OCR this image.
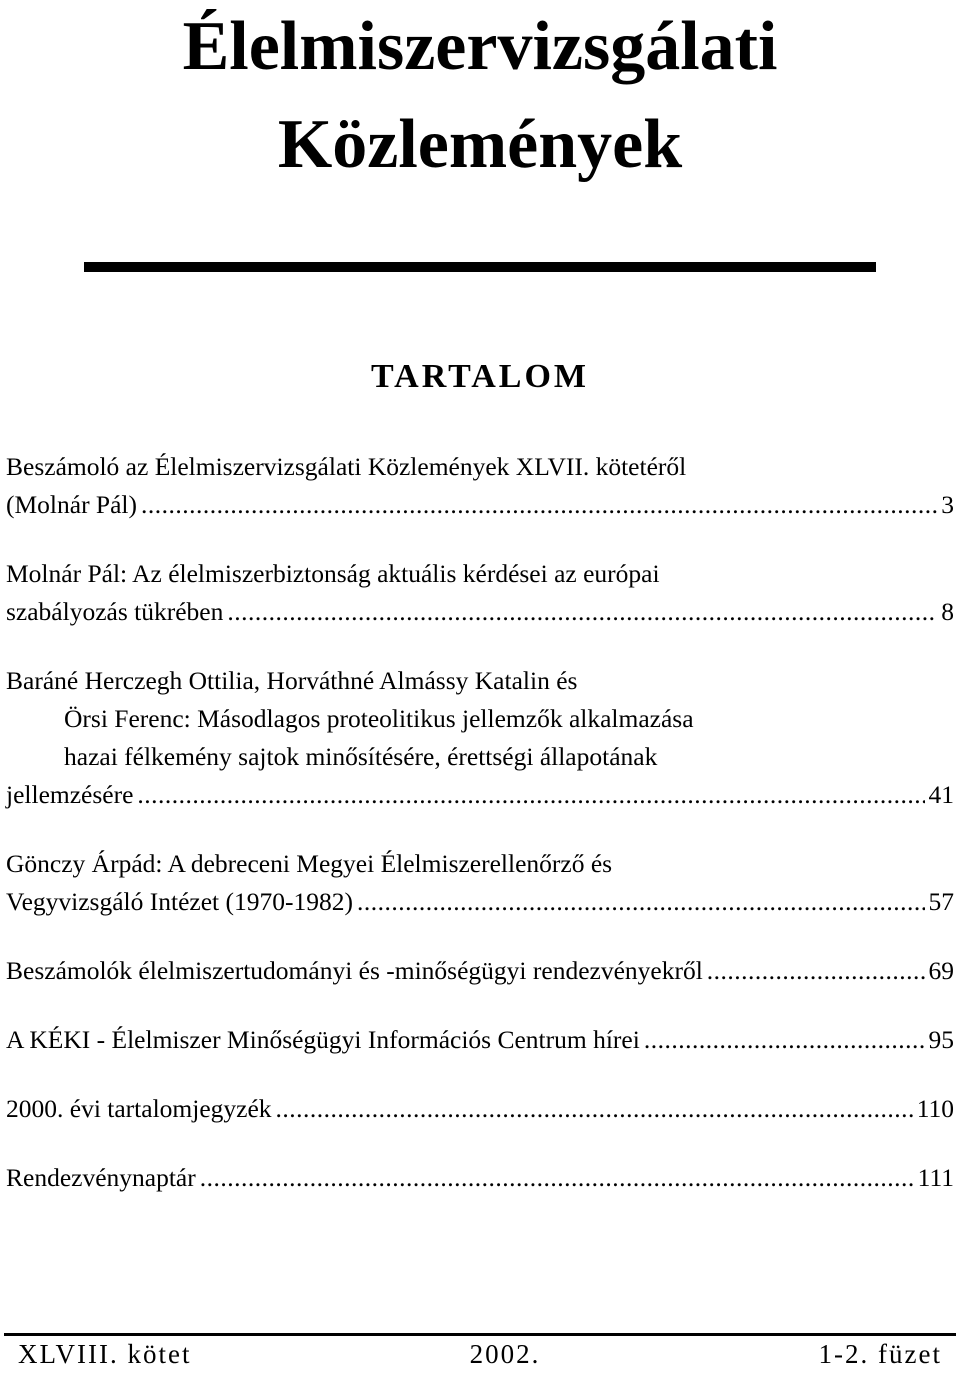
Élelmiszervizsgálati
Közlemények
TARTALOM
Beszámoló az Élelmiszervizsgálati Közlemények XLVII. kötetéről
(Molnár Pál) .....	3
Molnár Pál: Az élelmiszerbiztonság aktuális kérdései az európai
szabályozás tükrében .....	8
Baráné Herczegh Ottilia, Horváthné Almássy Katalin és
Örsi Ferenc: Másodlagos proteolitikus jellemzők alkalmazása
hazai félkemény sajtok minősítésére, érettségi állapotának
jellemzésére .....	41
Gönczy Árpád: A debreceni Megyei Élelmiszerellenőrző és
Vegyvizsgáló Intézet (1970-1982) .....	57
Beszámolók élelmiszertudományi és -minőségügyi rendezvényekről .....	69
A KÉKI - Élelmiszer Minőségügyi Információs Centrum hírei .....	95
2000. évi tartalomjegyzék .....	110
Rendezvénynaptár .....	111
XLVIII. kötet	2002.	1-2. füzet
